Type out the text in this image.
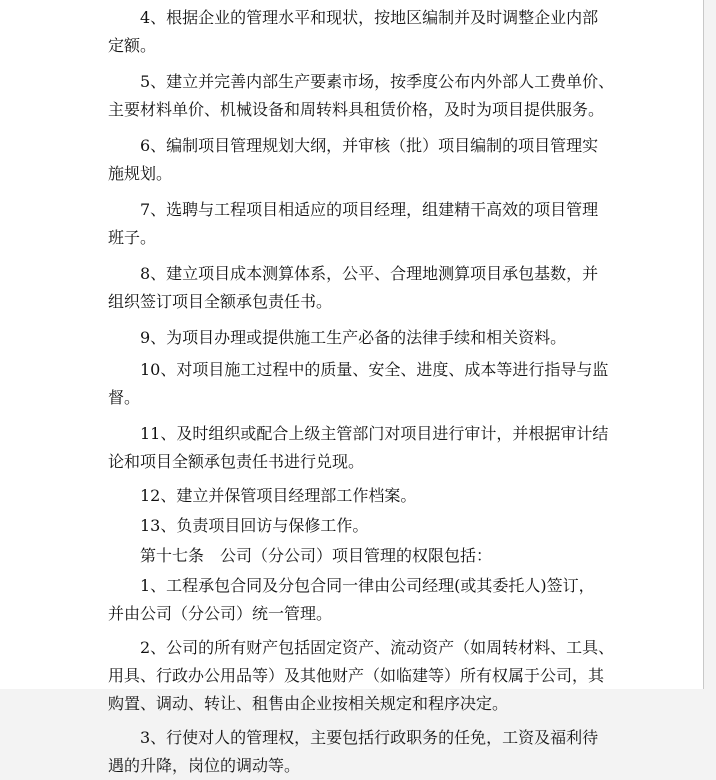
4、根据企业的管理水平和现状，按地区编制并及时调整企业内部
定额。

5、建立并完善内部生产要素市场，按季度公布内外部人工费单价、
主要材料单价、机械设备和周转料具租赁价格，及时为项目提供服务。

6、编制项目管理规划大纲，并审核（批）项目编制的项目管理实
施规划。

7、选聘与工程项目相适应的项目经理，组建精干高效的项目管理
班子。

8、建立项目成本测算体系，公平、合理地测算项目承包基数，并
组织签订项目全额承包责任书。

9、为项目办理或提供施工生产必备的法律手续和相关资料。

10、对项目施工过程中的质量、安全、进度、成本等进行指导与监
督。

11、及时组织或配合上级主管部门对项目进行审计，并根据审计结
论和项目全额承包责任书进行兑现。

12、建立并保管项目经理部工作档案。

13、负责项目回访与保修工作。

第十七条　公司（分公司）项目管理的权限包括：

1、工程承包合同及分包合同一律由公司经理(或其委托人)签订，
并由公司（分公司）统一管理。

2、公司的所有财产包括固定资产、流动资产（如周转材料、工具、
用具、行政办公用品等）及其他财产（如临建等）所有权属于公司，其
购置、调动、转让、租售由企业按相关规定和程序决定。

3、行使对人的管理权，主要包括行政职务的任免，工资及福利待
遇的升降，岗位的调动等。
